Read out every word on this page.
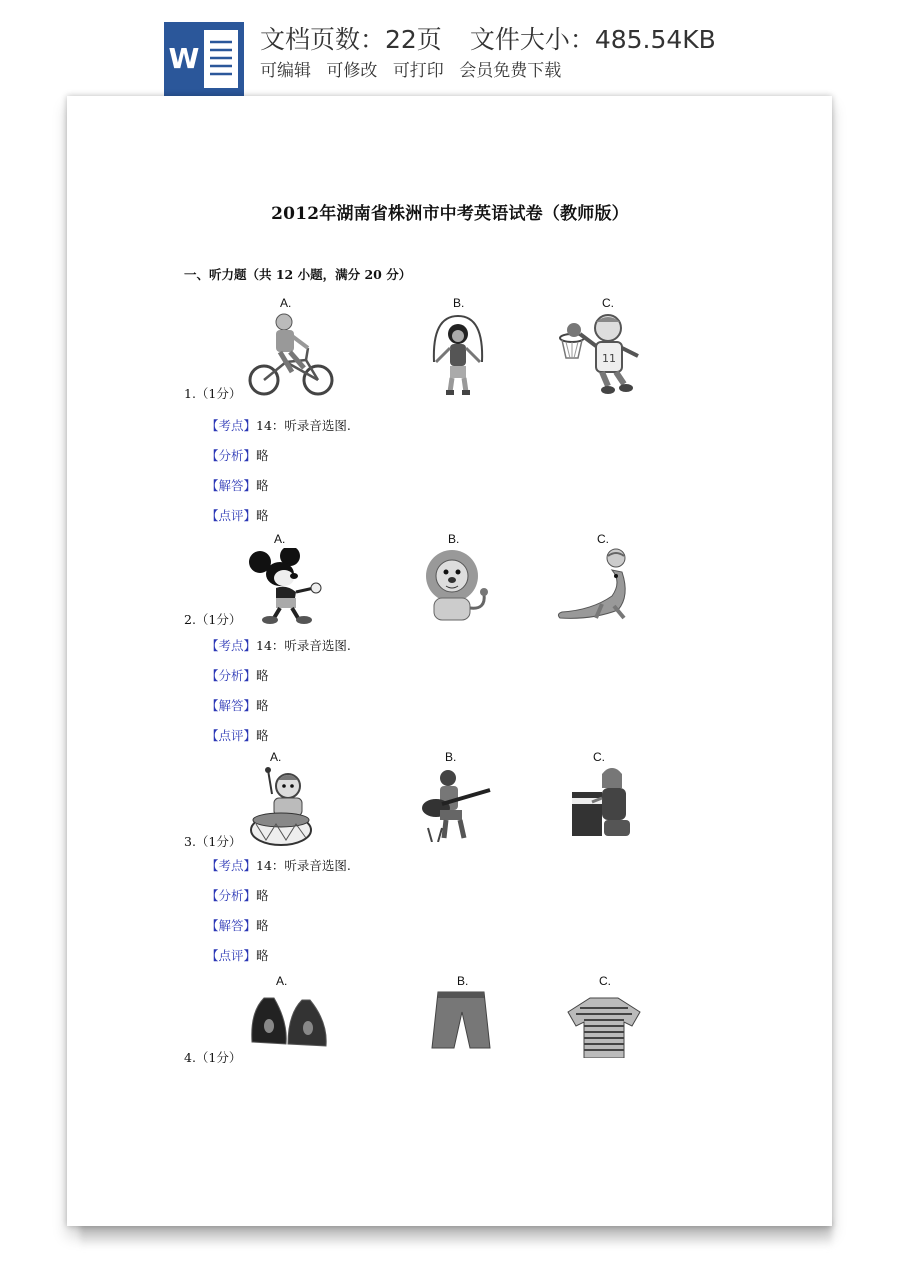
W
文档页数：22页 文件大小：485.54KB
可编辑 可修改 可打印 会员免费下载
2012年湖南省株洲市中考英语试卷（教师版）
一、听力题（共 12 小题，满分 20 分）
A.	B.	C.
11
1.（1分）
【考点】14：听录音选图.
【分析】略
【解答】略
【点评】略
A.	B.	C.
2.（1分）
【考点】14：听录音选图.
【分析】略
【解答】略
【点评】略
A.	B.	C.
3.（1分）
【考点】14：听录音选图.
【分析】略
【解答】略
【点评】略
A.	B.	C.
4.（1分）
